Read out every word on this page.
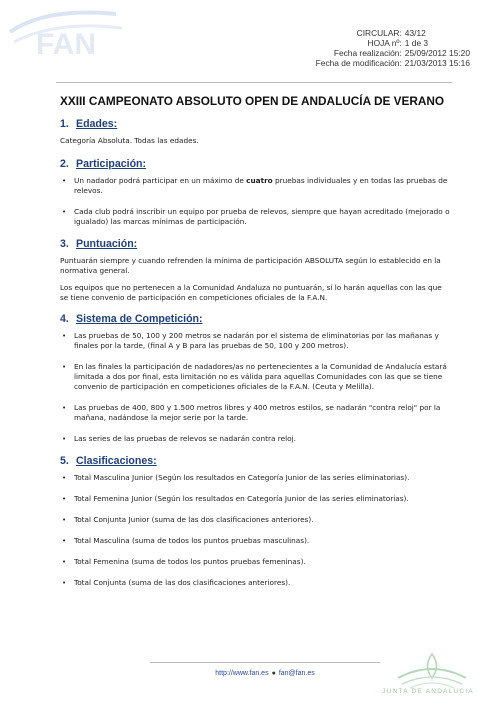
FAN	CIRCULAR:	43/12
HOJA nº:	1 de 3
Fecha realización:	25/09/2012 15:20
Fecha de modificación:	21/03/2013 15:16
XXIII CAMPEONATO ABSOLUTO OPEN DE ANDALUCÍA DE VERANO
1. Edades:

Categoría Absoluta. Todas las edades.

2. Participación:
• Un nadador podrá participar en un máximo de cuatro pruebas individuales y en todas las pruebas de relevos.
• Cada club podrá inscribir un equipo por prueba de relevos, siempre que hayan acreditado (mejorado o igualado) las marcas mínimas de participación.
3. Puntuación:

Puntuarán siempre y cuando refrenden la mínima de participación ABSOLUTA según lo establecido en la normativa general.

Los equipos que no pertenecen a la Comunidad Andaluza no puntuarán, sí lo harán aquellas con las que se tiene convenio de participación en competiciones oficiales de la F.A.N.

4. Sistema de Competición:
• Las pruebas de 50, 100 y 200 metros se nadarán por el sistema de eliminatorias por las mañanas y finales por la tarde, (final A y B para las pruebas de 50, 100 y 200 metros).
• En las finales la participación de nadadores/as no pertenecientes a la Comunidad de Andalucía estará limitada a dos por final, esta limitación no es válida para aquellas Comunidades con las que se tiene convenio de participación en competiciones oficiales de la F.A.N. (Ceuta y Melilla).
• Las pruebas de 400, 800 y 1.500 metros libres y 400 metros estilos, se nadarán "contra reloj" por la mañana, nadándose la mejor serie por la tarde.
• Las series de las pruebas de relevos se nadarán contra reloj.
5. Clasificaciones:
• Total Masculina Junior (Según los resultados en Categoría Junior de las series eliminatorias).
• Total Femenina Junior (Según los resultados en Categoría Junior de las series eliminatorias).
• Total Conjunta Junior (suma de las dos clasificaciones anteriores).
• Total Masculina (suma de todos los puntos pruebas masculinas).
• Total Femenina (suma de todos los puntos pruebas femeninas).
• Total Conjunta (suma de las dos clasificaciones anteriores).
http://www.fan.es ● fan@fan.es
JUNTA DE ANDALUCIA
